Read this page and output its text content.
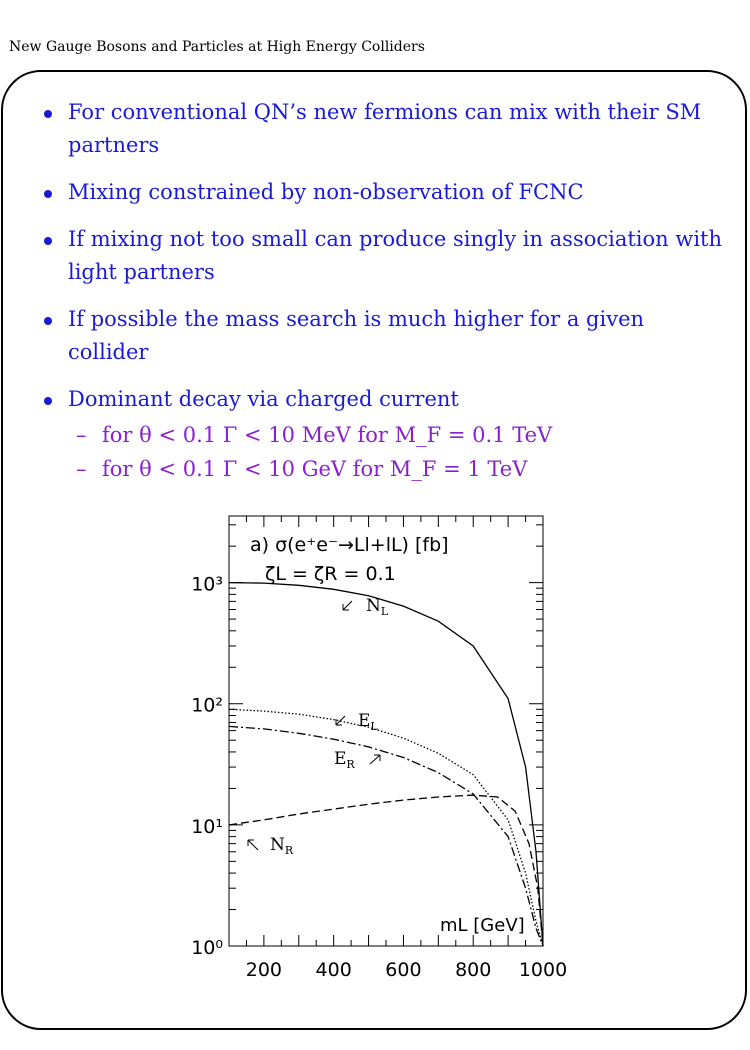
New Gauge Bosons and Particles at High Energy Colliders
For conventional QN’s new fermions can mix with their SM partners
Mixing constrained by non-observation of FCNC
If mixing not too small can produce singly in association with light partners
If possible the mass search is much higher for a given collider
Dominant decay via charged current
– for θ < 0.1 Γ < 10 MeV for M_F = 0.1 TeV
– for θ < 0.1 Γ < 10 GeV for M_F = 1 TeV
200 400 600 800 1000
10⁰
10¹
10²
10³
a) σ(e⁺e⁻→Ll+lL) [fb]
ζL = ζR = 0.1
mL [GeV]
$N_L$
$E_L$
$E_R$
$N_R$
